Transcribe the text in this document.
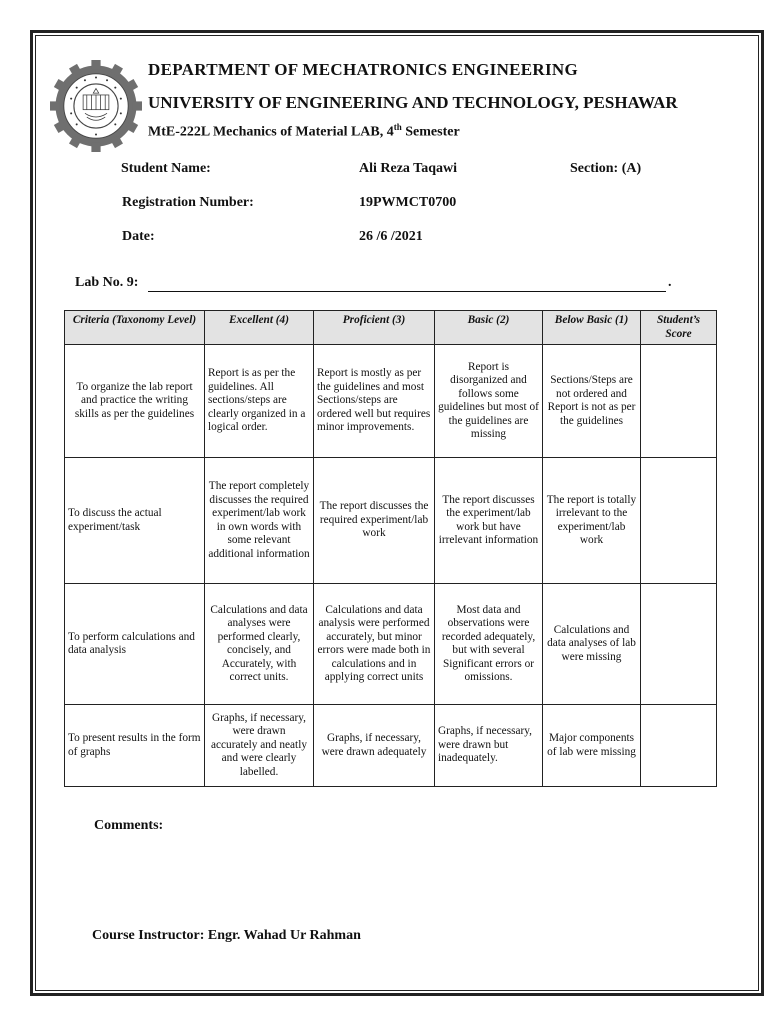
DEPARTMENT OF MECHATRONICS ENGINEERING
UNIVERSITY OF ENGINEERING AND TECHNOLOGY, PESHAWAR
MtE-222L Mechanics of Material LAB, 4th Semester
Student Name:	Ali Reza Taqawi	Section: (A)
Registration Number:	19PWMCT0700
Date:	26 /6 /2021
Lab No. 9:	.
Criteria (Taxonomy Level)	Excellent (4)	Proficient (3)	Basic (2)	Below Basic (1)	Student’s Score
To organize the lab report and practice the writing skills as per the guidelines	Report is as per the guidelines. All sections/steps are clearly organized in a logical order.	Report is mostly as per the guidelines and most Sections/steps are ordered well but requires minor improvements.	Report is disorganized and follows some guidelines but most of the guidelines are missing	Sections/Steps are not ordered and Report is not as per the guidelines	
To discuss the actual experiment/task	The report completely discusses the required experiment/lab work in own words with some relevant additional information	The report discusses the required experiment/lab work	The report discusses the experiment/lab work but have irrelevant information	The report is totally irrelevant to the experiment/lab work	
To perform calculations and data analysis	Calculations and data analyses were performed clearly, concisely, and Accurately, with correct units.	Calculations and data analysis were performed accurately, but minor errors were made both in calculations and in applying correct units	Most data and observations were recorded adequately, but with several Significant errors or omissions.	Calculations and data analyses of lab were missing	
To present results in the form of graphs	Graphs, if necessary, were drawn accurately and neatly and were clearly labelled.	Graphs, if necessary, were drawn adequately	Graphs, if necessary, were drawn but inadequately.	Major components of lab were missing	
Comments:
Course Instructor: Engr. Wahad Ur Rahman
